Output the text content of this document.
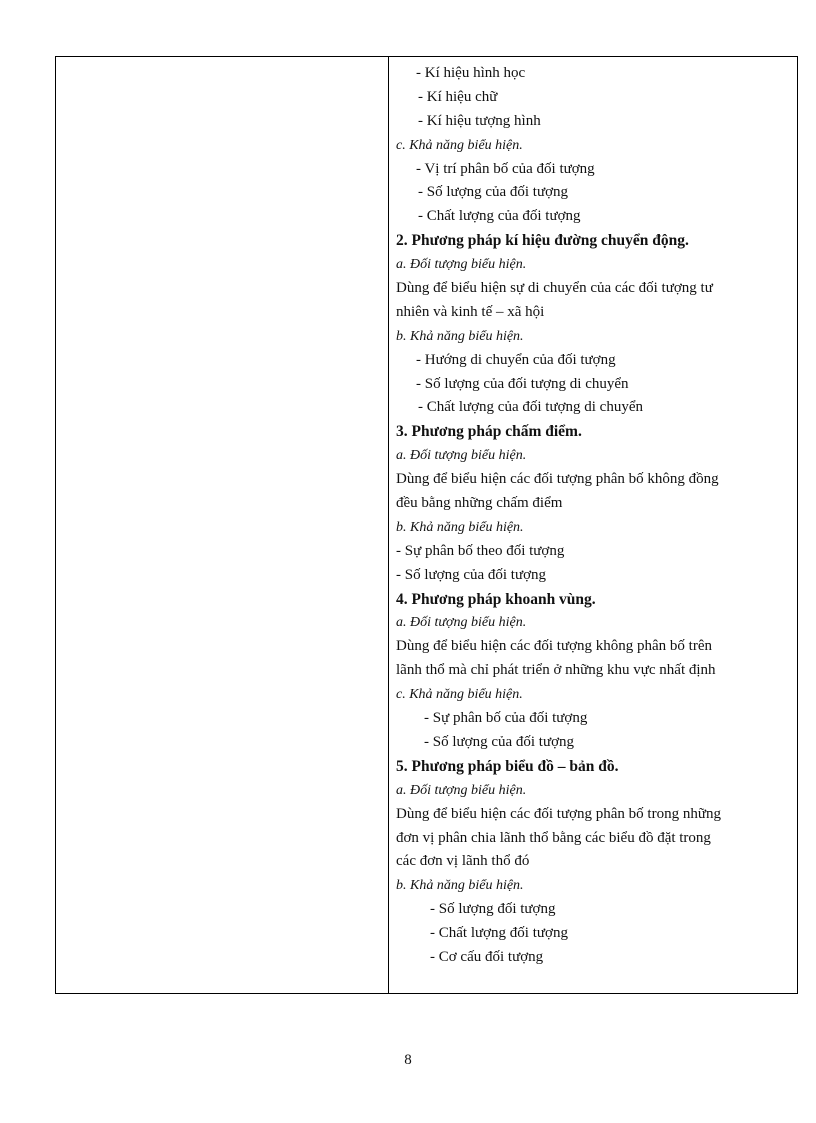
- Kí hiệu hình học
- Kí hiệu chữ
- Kí hiệu tượng hình
c. Khả năng biểu hiện.
- Vị trí phân bố của đối tượng
- Số lượng của đối tượng
- Chất lượng của đối tượng
2. Phương pháp kí hiệu đường chuyển động.
a. Đối tượng biểu hiện.
Dùng để biểu hiện sự di chuyển của các đối tượng tư
nhiên và kinh tế – xã hội
b. Khả năng biểu hiện.
- Hướng di chuyển của đối tượng
- Số lượng của đối tượng di chuyển
- Chất lượng của đối tượng di chuyển
3. Phương pháp chấm điểm.
a. Đối tượng biểu hiện.
Dùng để biểu hiện các đối tượng phân bố không đồng
đều bằng những chấm điểm
b. Khả năng biểu hiện.
- Sự phân bố theo đối tượng
- Số lượng của đối tượng
4. Phương pháp khoanh vùng.
a. Đối tượng biểu hiện.
Dùng để biểu hiện các đối tượng không phân bố trên
lãnh thổ mà chỉ phát triển ở những khu vực nhất định
c. Khả năng biểu hiện.
- Sự phân bố của đối tượng
- Số lượng của đối tượng
5. Phương pháp biểu đồ – bản đồ.
a. Đối tượng biểu hiện.
Dùng để biểu hiện các đối tượng phân bố trong những
đơn vị phân chia lãnh thổ bằng các biểu đồ đặt trong
các đơn vị lãnh thổ đó
b. Khả năng biểu hiện.
- Số lượng đối tượng
- Chất lượng đối tượng
- Cơ cấu đối tượng
8
